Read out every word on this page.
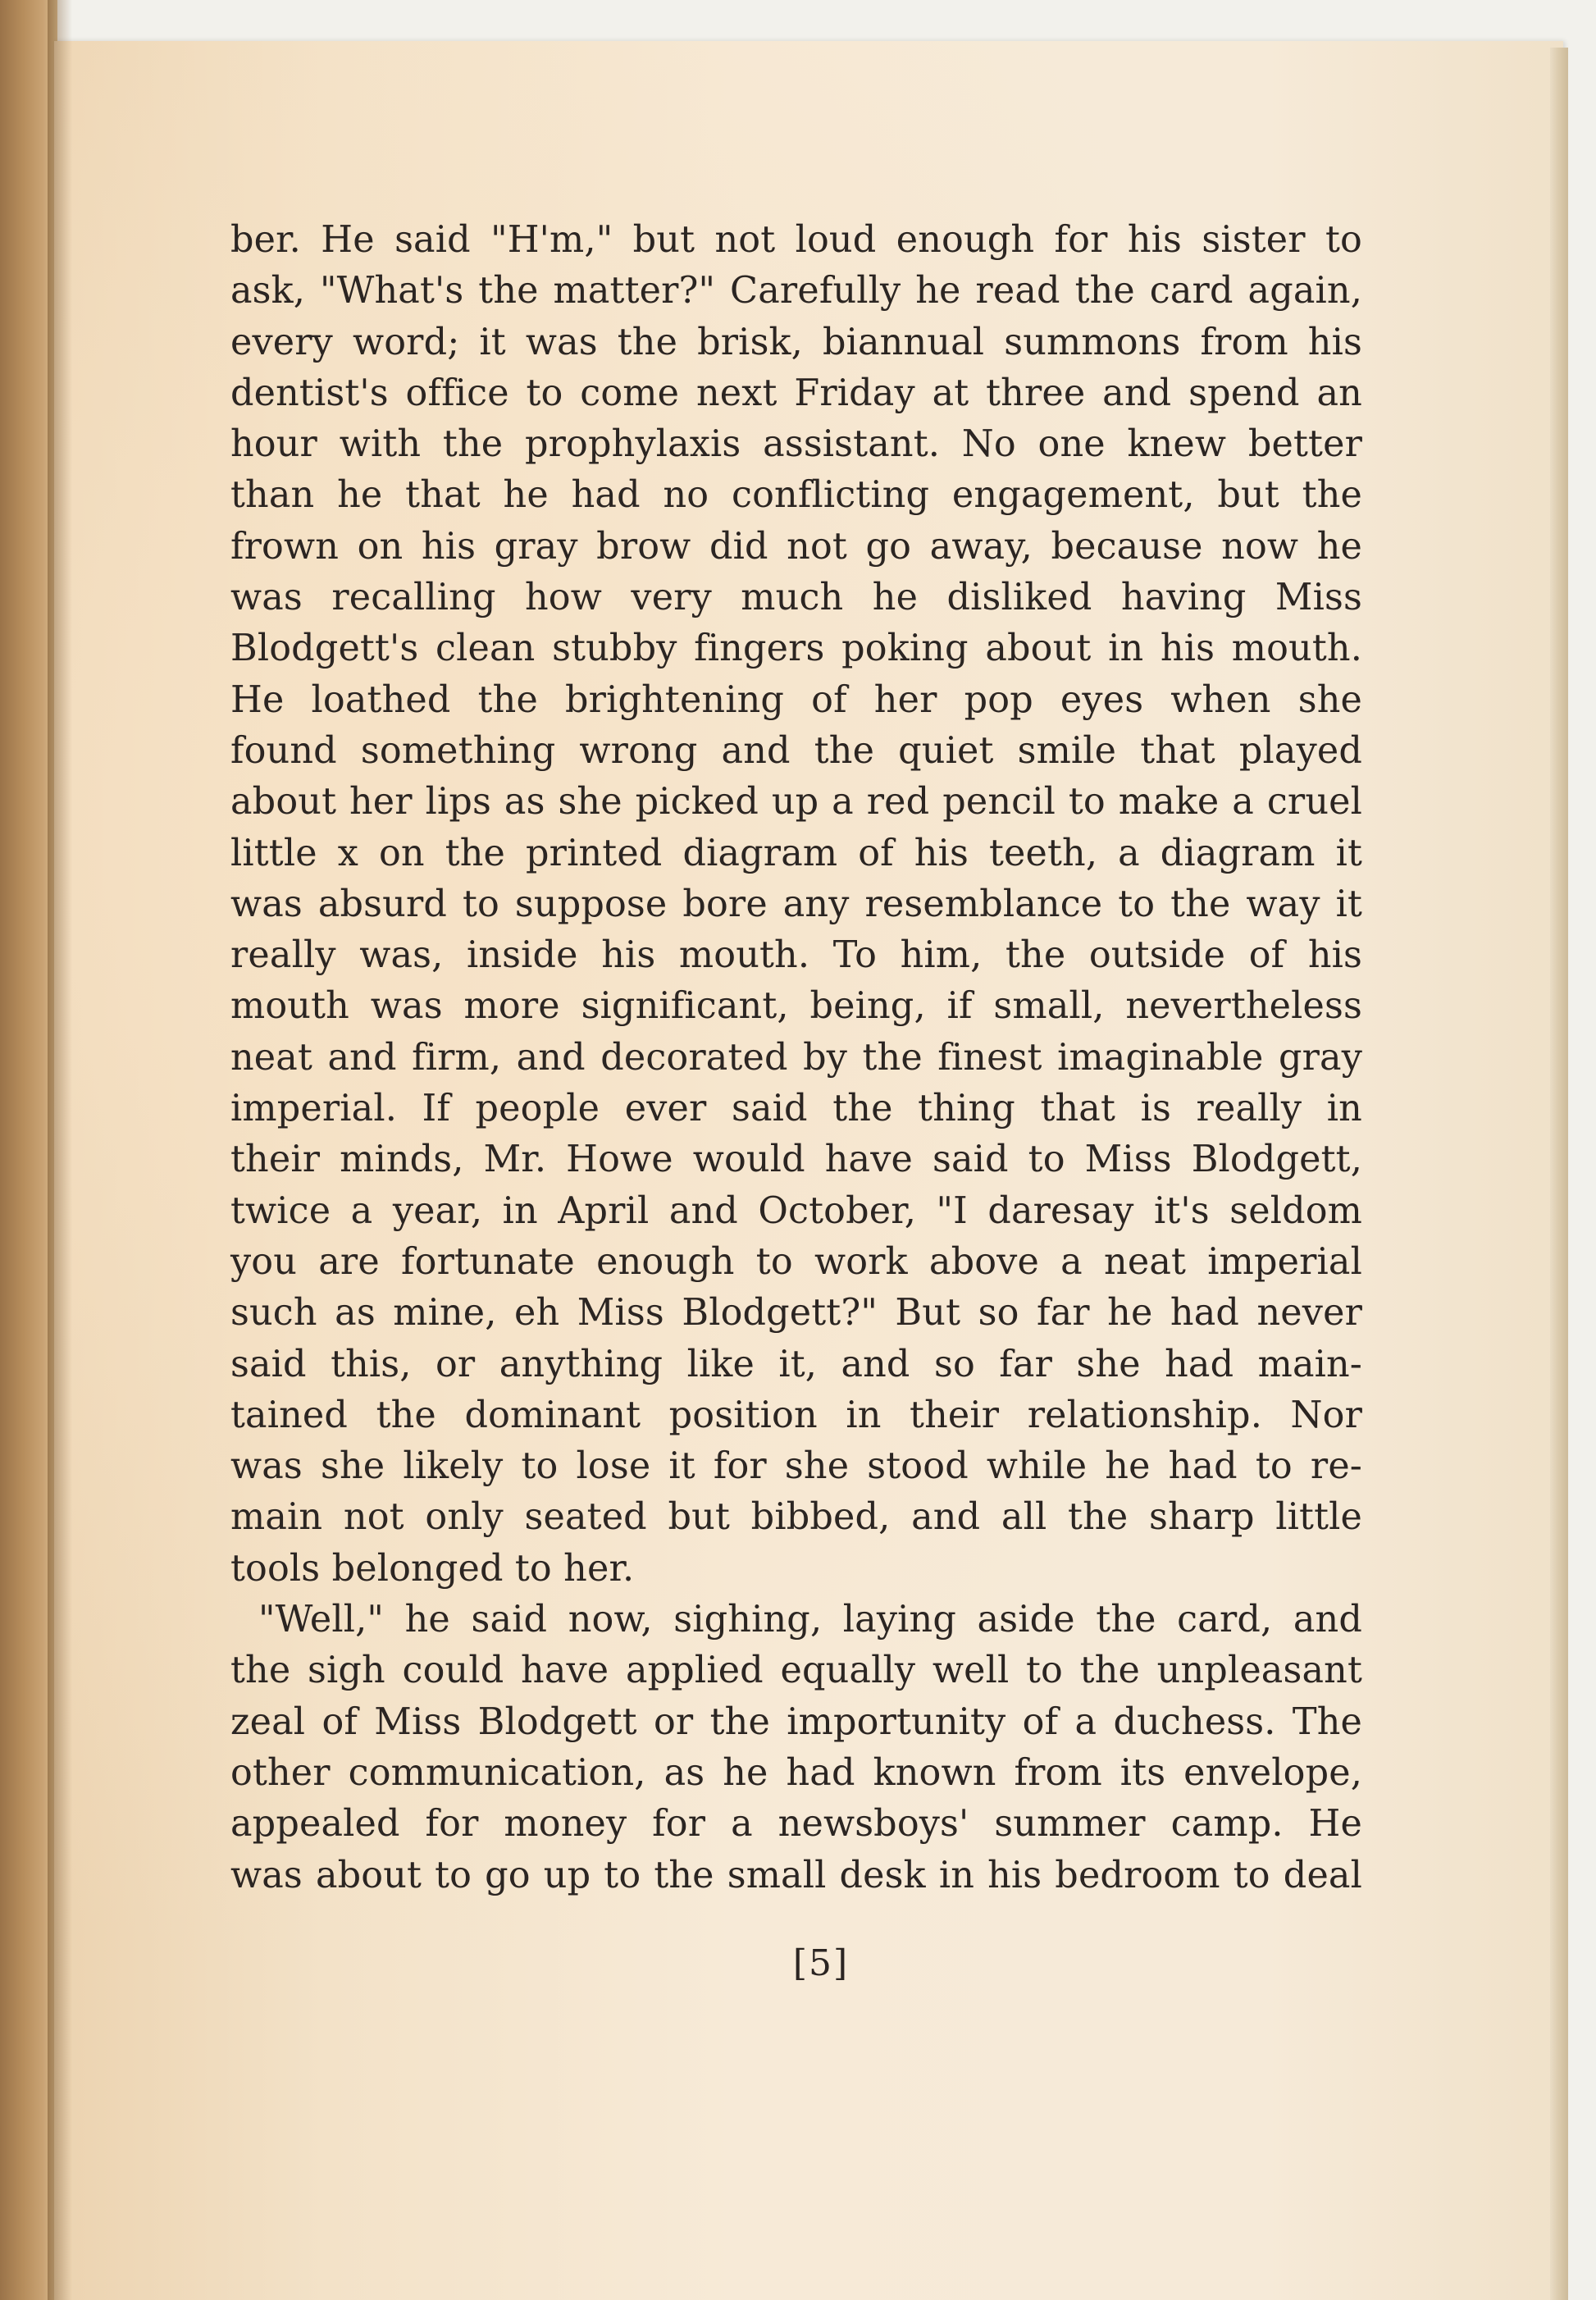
ber. He said "H'm," but not loud enough for his sister to
ask, "What's the matter?" Carefully he read the card again,
every word; it was the brisk, biannual summons from his
dentist's office to come next Friday at three and spend an
hour with the prophylaxis assistant. No one knew better
than he that he had no conflicting engagement, but the
frown on his gray brow did not go away, because now he
was recalling how very much he disliked having Miss
Blodgett's clean stubby fingers poking about in his mouth.
He loathed the brightening of her pop eyes when she
found something wrong and the quiet smile that played
about her lips as she picked up a red pencil to make a cruel
little x on the printed diagram of his teeth, a diagram it
was absurd to suppose bore any resemblance to the way it
really was, inside his mouth. To him, the outside of his
mouth was more significant, being, if small, nevertheless
neat and firm, and decorated by the finest imaginable gray
imperial. If people ever said the thing that is really in
their minds, Mr. Howe would have said to Miss Blodgett,
twice a year, in April and October, "I daresay it's seldom
you are fortunate enough to work above a neat imperial
such as mine, eh Miss Blodgett?" But so far he had never
said this, or anything like it, and so far she had main-
tained the dominant position in their relationship. Nor
was she likely to lose it for she stood while he had to re-
main not only seated but bibbed, and all the sharp little
tools belonged to her.
"Well," he said now, sighing, laying aside the card, and
the sigh could have applied equally well to the unpleasant
zeal of Miss Blodgett or the importunity of a duchess. The
other communication, as he had known from its envelope,
appealed for money for a newsboys' summer camp. He
was about to go up to the small desk in his bedroom to deal
[5]
